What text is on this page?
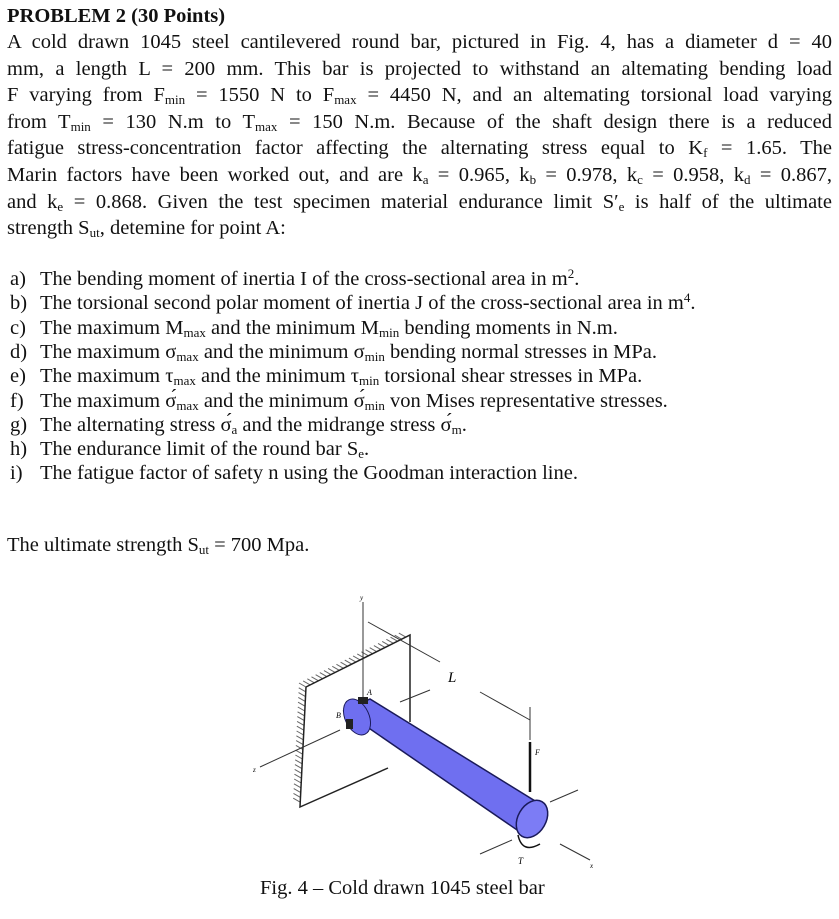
PROBLEM 2 (30 Points)
A cold drawn 1045 steel cantilevered round bar, pictured in Fig. 4, has a diameter d = 40
mm, a length L = 200 mm. This bar is projected to withstand an altemating bending load
F varying from $F_{min} = 1550$ N to $F_{max} = 4450$ N, and an altemating torsional load varying
from $T_{min} = 130$ N.m to $T_{max} = 150$ N.m. Because of the shaft design there is a reduced
fatigue stress-concentration factor affecting the alternating stress equal to $K_f = 1.65$. The
Marin factors have been worked out, and are $k_a = 0.965$, $k_b = 0.978$, $k_c = 0.958$, $k_d = 0.867$,
and $k_e = 0.868$. Given the test specimen material endurance limit $S'_e$ is half of the ultimate
strength $S_{ut}$, detemine for point A:
a) The bending moment of inertia I of the cross-sectional area in $m^2$.
b) The torsional second polar moment of inertia J of the cross-sectional area in $m^4$.
c) The maximum $M_{max}$ and the minimum $M_{min}$ bending moments in N.m.
d) The maximum $\sigma_{max}$ and the minimum $\sigma_{min}$ bending normal stresses in MPa.
e) The maximum $\tau_{max}$ and the minimum $\tau_{min}$ torsional shear stresses in MPa.
f) The maximum $\sigmá_{max}$ and the minimum $\sigmá_{min}$ von Mises representative stresses.
g) The alternating stress $\sigmá_a$ and the midrange stress $\sigmá_m$.
h) The endurance limit of the round bar $S_e$.
i) The fatigue factor of safety n using the Goodman interaction line.
The ultimate strength $S_{ut} = 700$ Mpa.
L
A
B
F
T	x
y
z
Fig. 4 – Cold drawn 1045 steel bar
